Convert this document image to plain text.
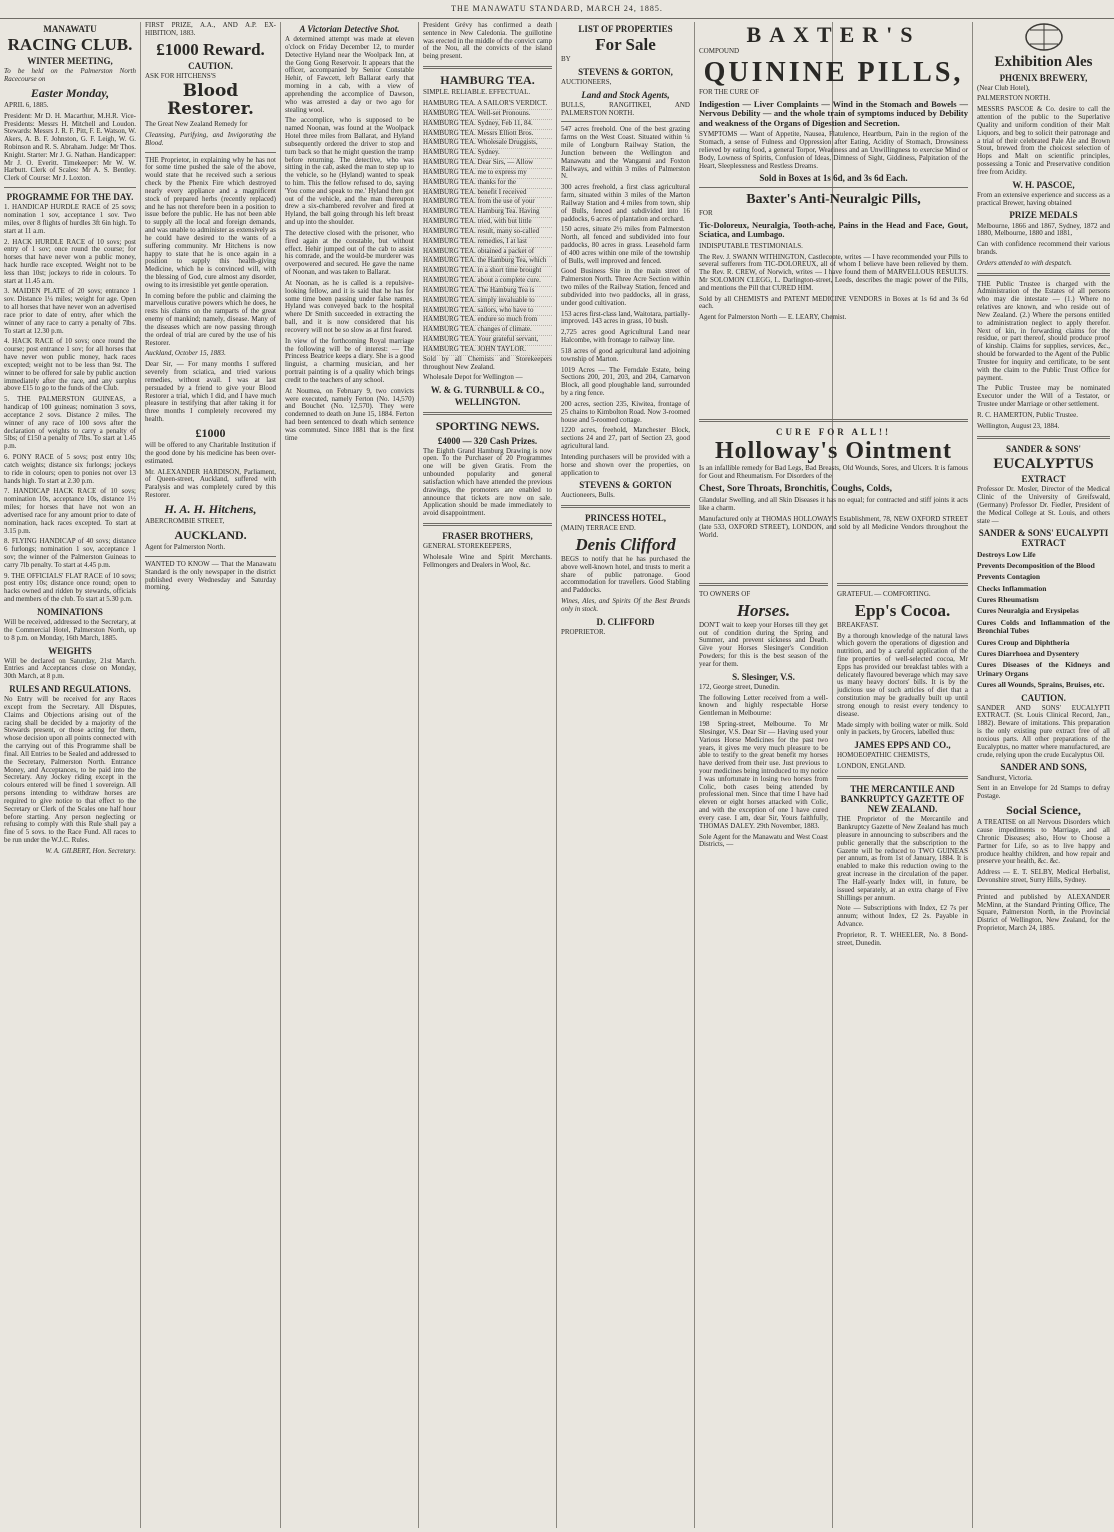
THE MANAWATU STANDARD, MARCH 24, 1885.
MANAWATU
RACING CLUB.
WINTER MEETING,

To be held on the Palmerston North Racecourse on

Easter Monday,

APRIL 6, 1885.

President: Mr D. H. Macarthur, M.H.R. Vice-Presidents: Messrs H. Mitchell and Loudon. Stewards: Messrs J. R. F. Pitt, F. E. Watson, W. Akers, A. B. F. Johnston, G. F. Leigh, W. G. Robinson and R. S. Abraham. Judge: Mr Thos. Knight. Starter: Mr J. G. Nathan. Handicapper: Mr J. O. Everitt. Timekeeper: Mr W. W. Harbutt. Clerk of Scales: Mr A. S. Bentley. Clerk of Course: Mr J. Loxton.

PROGRAMME FOR THE DAY.

1. HANDICAP HURDLE RACE of 25 sovs; nomination 1 sov, acceptance 1 sov. Two miles, over 8 flights of hurdles 3ft 6in high. To start at 11 a.m.

2. HACK HURDLE RACE of 10 sovs; post entry of 1 sov; once round the course; for horses that have never won a public money, hack hurdle race excepted. Weight not to be less than 10st; jockeys to ride in colours. To start at 11.45 a.m.

3. MAIDEN PLATE of 20 sovs; entrance 1 sov. Distance 1¼ miles; weight for age. Open to all horses that have never won an advertised race prior to date of entry, after which the winner of any race to carry a penalty of 7lbs. To start at 12.30 p.m.

4. HACK RACE of 10 sovs; once round the course; post entrance 1 sov; for all horses that have never won public money, hack races excepted; weight not to be less than 9st. The winner to be offered for sale by public auction immediately after the race, and any surplus above £15 to go to the funds of the Club.

5. THE PALMERSTON GUINEAS, a handicap of 100 guineas; nomination 3 sovs, acceptance 2 sovs. Distance 2 miles. The winner of any race of 100 sovs after the declaration of weights to carry a penalty of 5lbs; of £150 a penalty of 7lbs. To start at 1.45 p.m.

6. PONY RACE of 5 sovs; post entry 10s; catch weights; distance six furlongs; jockeys to ride in colours; open to ponies not over 13 hands high. To start at 2.30 p.m.

7. HANDICAP HACK RACE of 10 sovs; nomination 10s, acceptance 10s, distance 1½ miles; for horses that have not won an advertised race for any amount prior to date of nomination, hack races excepted. To start at 3.15 p.m.

8. FLYING HANDICAP of 40 sovs; distance 6 furlongs; nomination 1 sov, acceptance 1 sov; the winner of the Palmerston Guineas to carry 7lb penalty. To start at 4.45 p.m.

9. THE OFFICIALS' FLAT RACE of 10 sovs; post entry 10s; distance once round; open to hacks owned and ridden by stewards, officials and members of the club. To start at 5.30 p.m.

NOMINATIONS

Will be received, addressed to the Secretary, at the Commercial Hotel, Palmerston North, up to 8 p.m. on Monday, 16th March, 1885.

WEIGHTS

Will be declared on Saturday, 21st March. Entries and Acceptances close on Monday, 30th March, at 8 p.m.

RULES AND REGULATIONS.

No Entry will be received for any Races except from the Secretary. All Disputes, Claims and Objections arising out of the racing shall be decided by a majority of the Stewards present, or those acting for them, whose decision upon all points connected with the carrying out of this Programme shall be final. All Entries to be Sealed and addressed to the Secretary, Palmerston North. Entrance Money, and Acceptances, to be paid into the Secretary. Any Jockey riding except in the colours entered will be fined 1 sovereign. All persons intending to withdraw horses are required to give notice to that effect to the Secretary or Clerk of the Scales one half hour before starting. Any person neglecting or refusing to comply with this Rule shall pay a fine of 5 sovs. to the Race Fund. All races to be run under the W.J.C. Rules.

W. A. GILBERT, Hon. Secretary.

FIRST PRIZE, A.A., AND A.P. EX-HIBITION, 1883.

£1000 Reward.
CAUTION.

ASK FOR HITCHENS'S

Blood Restorer.

The Great New Zealand Remedy for

Cleansing, Purifying, and Invigorating the Blood.

THE Proprietor, in explaining why he has not for some time pushed the sale of the above, would state that he received such a serious check by the Phenix Fire which destroyed nearly every appliance and a magnificent stock of prepared herbs (recently replaced) and he has not therefore been in a position to issue before the public. He has not been able to supply all the local and foreign demands, and was unable to administer as extensively as he could have desired to the wants of a suffering community. Mr Hitchens is now happy to state that he is once again in a position to supply this health-giving Medicine, which he is convinced will, with the blessing of God, cure almost any disorder, owing to its irresistible yet gentle operation.

In coming before the public and claiming the marvellous curative powers which he does, he rests his claims on the ramparts of the great enemy of mankind; namely, disease. Many of the diseases which are now passing through the ordeal of trial are cured by the use of his Restorer.

Auckland, October 15, 1883.

Dear Sir, — For many months I suffered severely from sciatica, and tried various remedies, without avail. I was at last persuaded by a friend to give your Blood Restorer a trial, which I did, and I have much pleasure in testifying that after taking it for three months I completely recovered my health.

£1000

will be offered to any Charitable Institution if the good done by his medicine has been over-estimated.

Mr. ALEXANDER HARDISON, Parliament, of Queen-street, Auckland, suffered with Paralysis and was completely cured by this Restorer.

H. A. H. Hitchens,

ABERCROMBIE STREET,

AUCKLAND.

Agent for Palmerston North.

WANTED TO KNOW — That the Manawatu Standard is the only newspaper in the district published every Wednesday and Saturday morning.

A Victorian Detective Shot.

A determined attempt was made at eleven o'clock on Friday December 12, to murder Detective Hyland near the Woolpack Inn, at the Gong Gong Reservoir. It appears that the officer, accompanied by Senior Constable Hehir, of Fawcett, left Ballarat early that morning in a cab, with a view of apprehending the accomplice of Dawson, who was arrested a day or two ago for stealing wool.

The accomplice, who is supposed to be named Noonan, was found at the Woolpack Hotel three miles from Ballarat, and Hyland subsequently ordered the driver to stop and turn back so that he might question the tramp before returning. The detective, who was sitting in the cab, asked the man to step up to the vehicle, so he (Hyland) wanted to speak to him. This the fellow refused to do, saying 'You come and speak to me.' Hyland then got out of the vehicle, and the man thereupon drew a six-chambered revolver and fired at Hyland, the ball going through his left breast and up into the shoulder.

The detective closed with the prisoner, who fired again at the constable, but without effect. Hehir jumped out of the cab to assist his comrade, and the would-be murderer was overpowered and secured. He gave the name of Noonan, and was taken to Ballarat.

At Noonan, as he is called is a repulsive-looking fellow, and it is said that he has for some time been passing under false names. Hyland was conveyed back to the hospital where Dr Smith succeeded in extracting the ball, and it is now considered that his recovery will not be so slow as at first feared.

In view of the forthcoming Royal marriage the following will be of interest: — The Princess Beatrice keeps a diary. She is a good linguist, a charming musician, and her portrait painting is of a quality which brings credit to the teachers of any school.

At Noumea, on February 9, two convicts were executed, namely Ferton (No. 14,570) and Bouchet (No. 12,570). They were condemned to death on June 15, 1884. Ferton had been sentenced to death which sentence was commuted. Since 1881 that is the first time

President Grévy has confirmed a death sentence in New Caledonia. The guillotine was erected in the middle of the convict camp of the Nou, all the convicts of the island being present.

HAMBURG TEA.

SIMPLE. RELIABLE. EFFECTUAL.

HAMBURG TEA. A SAILOR'S VERDICT.
HAMBURG TEA. Well-set Pronouns.
HAMBURG TEA. Sydney, Feb 11, 84.
HAMBURG TEA. Messrs Elliott Bros.
HAMBURG TEA. Wholesale Druggists,
HAMBURG TEA. Sydney.
HAMBURG TEA. Dear Sirs, — Allow
HAMBURG TEA. me to express my
HAMBURG TEA. thanks for the
HAMBURG TEA. benefit I received
HAMBURG TEA. from the use of your
HAMBURG TEA. Hamburg Tea. Having
HAMBURG TEA. tried, with but little
HAMBURG TEA. result, many so-called
HAMBURG TEA. remedies, I at last
HAMBURG TEA. obtained a packet of
HAMBURG TEA. the Hamburg Tea, which
HAMBURG TEA. in a short time brought
HAMBURG TEA. about a complete cure.
HAMBURG TEA. The Hamburg Tea is
HAMBURG TEA. simply invaluable to
HAMBURG TEA. sailors, who have to
HAMBURG TEA. endure so much from
HAMBURG TEA. changes of climate.
HAMBURG TEA. Your grateful servant,
HAMBURG TEA. JOHN TAYLOR.

Sold by all Chemists and Storekeepers throughout New Zealand.

Wholesale Depot for Wellington —

W. & G. TURNBULL & CO.,
WELLINGTON.
SPORTING NEWS.
£4000 — 320 Cash Prizes.

The Eighth Grand Hamburg Drawing is now open. To the Purchaser of 20 Programmes one will be given Gratis. From the unbounded popularity and general satisfaction which have attended the previous drawings, the promoters are enabled to announce that tickets are now on sale. Application should be made immediately to avoid disappointment.

FRASER BROTHERS,

GENERAL STOREKEEPERS,

Wholesale Wine and Spirit Merchants. Fellmongers and Dealers in Wool, &c.

LIST OF PROPERTIES
For Sale

BY

STEVENS & GORTON,

AUCTIONEERS,

Land and Stock Agents,

BULLS, RANGITIKEI, AND PALMERSTON NORTH.

547 acres freehold. One of the best grazing farms on the West Coast. Situated within ¼ mile of Longburn Railway Station, the Junction between the Wellington and Manawatu and the Wanganui and Foxton Railways, and within 3 miles of Palmerston N.

300 acres freehold, a first class agricultural farm, situated within 3 miles of the Marton Railway Station and 4 miles from town, ship of Bulls, fenced and subdivided into 16 paddocks, 6 acres of plantation and orchard.

150 acres, situate 2½ miles from Palmerston North, all fenced and subdivided into four paddocks, 80 acres in grass. Leasehold farm of 400 acres within one mile of the township of Bulls, well improved and fenced.

Good Business Site in the main street of Palmerston North. Three Acre Section within two miles of the Railway Station, fenced and subdivided into two paddocks, all in grass, under good cultivation.

153 acres first-class land, Waitotara, partially-improved. 143 acres in grass, 10 bush.

2,725 acres good Agricultural Land near Halcombe, with frontage to railway line.

518 acres of good agricultural land adjoining township of Marton.

1019 Acres — The Ferndale Estate, being Sections 200, 201, 203, and 204, Carnarvon Block, all good ploughable land, surrounded by a ring fence.

200 acres, section 235, Kiwitea, frontage of 25 chains to Kimbolton Road. Now 3-roomed house and 5-roomed cottage.

1220 acres, freehold, Manchester Block, sections 24 and 27, part of Section 23, good agricultural land.

Intending purchasers will be provided with a horse and shown over the properties, on application to

STEVENS & GORTON

Auctioneers, Bulls.

PRINCESS HOTEL,

(MAIN) TERRACE END.

Denis Clifford

BEGS to notify that he has purchased the above well-known hotel, and trusts to merit a share of public patronage. Good accommodation for travellers. Good Stabling and Paddocks.

Wines, Ales, and Spirits Of the Best Brands only in stock.

D. CLIFFORD

PROPRIETOR.

BAXTER'S

COMPOUND

QUININE PILLS,

FOR THE CURE OF

Indigestion — Liver Complaints — Wind in the Stomach and Bowels — Nervous Debility — and the whole train of symptoms induced by Debility and weakness of the Organs of Digestion and Secretion.

SYMPTOMS — Want of Appetite, Nausea, Flatulence, Heartburn, Pain in the region of the Stomach, a sense of Fulness and Oppression after Eating, Acidity of Stomach, Drowsiness relieved by eating food, a general Torpor, Weariness and an Unwillingness to exercise Mind or Body, Lowness of Spirits, Confusion of Ideas, Dimness of Sight, Giddiness, Palpitation of the Heart, Sleeplessness and Restless Dreams.

Sold in Boxes at 1s 6d, and 3s 6d Each.
Baxter's Anti-Neuralgic Pills,

FOR

Tic-Doloreux, Neuralgia, Tooth-ache, Pains in the Head and Face, Gout, Sciatica, and Lumbago.

INDISPUTABLE TESTIMONIALS.

The Rev. J. SWANN WITHINGTON, Castlecoote, writes — I have recommended your Pills to several sufferers from TIC-DOLOREUX, all of whom I believe have been relieved by them. The Rev. R. CREW, of Norwich, writes — I have found them of MARVELLOUS RESULTS. Mr SOLOMON CLEGG, L. Darlington-street, Leeds, describes the magic power of the Pills, and mentions the Pill that CURED HIM.

Sold by all CHEMISTS and PATENT MEDICINE VENDORS in Boxes at 1s 6d and 3s 6d each.

Agent for Palmerston North — E. LEARY, Chemist.

CURE FOR ALL!!
Holloway's Ointment

Is an infallible remedy for Bad Legs, Bad Breasts, Old Wounds, Sores, and Ulcers. It is famous for Gout and Rheumatism. For Disorders of the

Chest, Sore Throats, Bronchitis, Coughs, Colds,

Glandular Swelling, and all Skin Diseases it has no equal; for contracted and stiff joints it acts like a charm.

Manufactured only at THOMAS HOLLOWAY'S Establishment, 78, NEW OXFORD STREET (late 533, OXFORD STREET), LONDON, and sold by all Medicine Vendors throughout the World.

TO OWNERS OF

Horses.

DON'T wait to keep your Horses till they get out of condition during the Spring and Summer, and prevent sickness and Death. Give your Horses Slesinger's Condition Powders; for this is the best season of the year for them.

S. Slesinger, V.S.

172, George street, Dunedin.

The following Letter received from a well-known and highly respectable Horse Gentleman in Melbourne:

198 Spring-street, Melbourne. To Mr Slesinger, V.S. Dear Sir — Having used your Various Horse Medicines for the past two years, it gives me very much pleasure to be able to testify to the great benefit my horses have derived from their use. Just previous to your medicines being introduced to my notice I was unfortunate in losing two horses from Colic, both cases being attended by professional men. Since that time I have had eleven or eight horses attacked with Colic, and with the exception of one I have cured every case. I am, dear Sir, Yours faithfully, THOMAS DALEY. 29th November, 1883.

Sole Agent for the Manawatu and West Coast Districts, —

GRATEFUL — COMFORTING.

Epp's Cocoa.

BREAKFAST.

By a thorough knowledge of the natural laws which govern the operations of digestion and nutrition, and by a careful application of the fine properties of well-selected cocoa, Mr Epps has provided our breakfast tables with a delicately flavoured beverage which may save us many heavy doctors' bills. It is by the judicious use of such articles of diet that a constitution may be gradually built up until strong enough to resist every tendency to disease.

Made simply with boiling water or milk. Sold only in packets, by Grocers, labelled thus:

JAMES EPPS AND CO.,

HOMOEOPATHIC CHEMISTS,

LONDON, ENGLAND.

THE MERCANTILE AND BANKRUPTCY GAZETTE OF NEW ZEALAND.

THE Proprietor of the Mercantile and Bankruptcy Gazette of New Zealand has much pleasure in announcing to subscribers and the public generally that the subscription to the Gazette will be reduced to TWO GUINEAS per annum, as from 1st of January, 1884. It is enabled to make this reduction owing to the great increase in the circulation of the paper. The Half-yearly Index will, in future, be issued separately, at an extra charge of Five Shillings per annum.

Note — Subscriptions with Index, £2 7s per annum; without Index, £2 2s. Payable in Advance.

Proprietor, R. T. WHEELER, No. 8 Bond-street, Dunedin.

Exhibition Ales
PHŒNIX BREWERY,

(Near Club Hotel),

PALMERSTON NORTH.

MESSRS PASCOE & Co. desire to call the attention of the public to the Superlative Quality and uniform condition of their Malt Liquors, and beg to solicit their patronage and a trial of their celebrated Pale Ale and Brown Stout, brewed from the choicest selection of Hops and Malt on scientific principles, possessing a Tonic and Preservative condition free from Acidity.

W. H. PASCOE,

From an extensive experience and success as a practical Brewer, having obtained

PRIZE MEDALS

Melbourne, 1866 and 1867, Sydney, 1872 and 1880, Melbourne, 1880 and 1881,

Can with confidence recommend their various brands.

Orders attended to with despatch.

THE Public Trustee is charged with the Administration of the Estates of all persons who may die intestate — (1.) Where no relatives are known, and who reside out of New Zealand. (2.) Where the persons entitled to administration neglect to apply therefor. Next of kin, in forwarding claims for the residue, or part thereof, should produce proof of kinship. Claims for supplies, services, &c., should be forwarded to the Agent of the Public Trustee for inquiry and certificate, to be sent with the claim to the Public Trust Office for payment.

The Public Trustee may be nominated Executor under the Will of a Testator, or Trustee under Marriage or other settlement.

R. C. HAMERTON, Public Trustee.

Wellington, August 23, 1884.

SANDER & SONS'
EUCALYPTUS
EXTRACT

Professor Dr. Mosler, Director of the Medical Clinic of the University of Greifswald, (Germany) Professor Dr. Fiedler, President of the Medical College at St. Louis, and others state —

SANDER & SONS' EUCALYPTI EXTRACT

Destroys Low Life

Prevents Decomposition of the Blood

Prevents Contagion

Checks Inflammation

Cures Rheumatism

Cures Neuralgia and Erysipelas

Cures Colds and Inflammation of the Bronchial Tubes

Cures Croup and Diphtheria

Cures Diarrhoea and Dysentery

Cures Diseases of the Kidneys and Urinary Organs

Cures all Wounds, Sprains, Bruises, etc.

CAUTION.

SANDER AND SONS' EUCALYPTI EXTRACT. (St. Louis Clinical Record, Jan., 1882). Beware of imitations. This preparation is the only existing pure extract free of all noxious parts. All other preparations of the Eucalyptus, no matter where manufactured, are crude, relying upon the crude Eucalyptus Oil.

SANDER AND SONS,

Sandhurst, Victoria.

Sent in an Envelope for 2d Stamps to defray Postage.

Social Science,

A TREATISE on all Nervous Disorders which cause impediments to Marriage, and all Chronic Diseases; also, How to Choose a Partner for Life, so as to live happy and produce healthy children, and how repair and preserve your health, &c. &c.

Address — E. T. SELBY, Medical Herbalist, Devonshire street, Surry Hills, Sydney.

Printed and published by ALEXANDER McMinn, at the Standard Printing Office, The Square, Palmerston North, in the Provincial District of Wellington, New Zealand, for the Proprietor, March 24, 1885.
